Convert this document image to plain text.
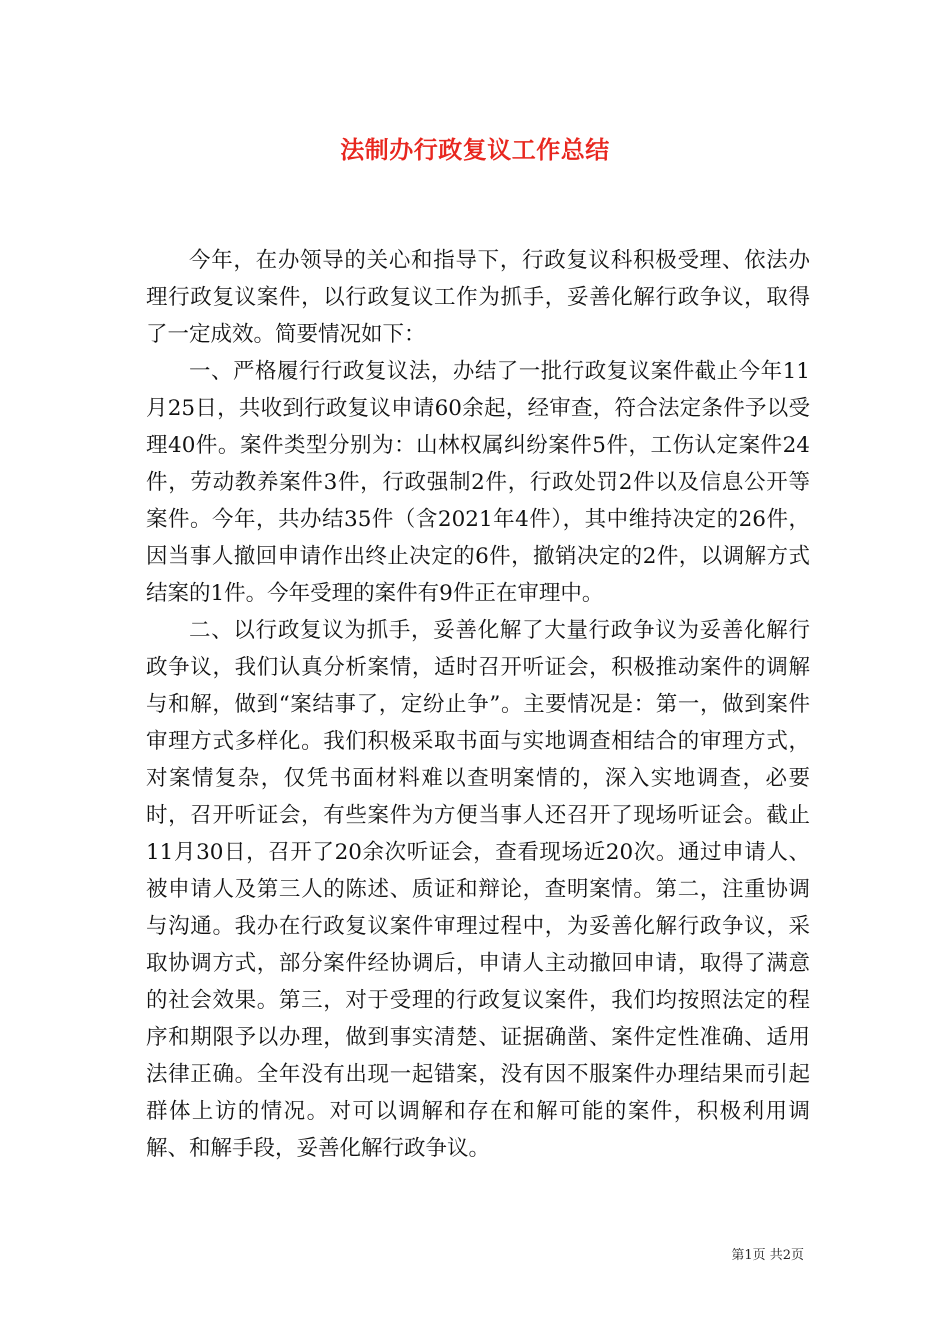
法制办行政复议工作总结

今年，在办领导的关心和指导下，行政复议科积极受理、依法办理行政复议案件，以行政复议工作为抓手，妥善化解行政争议，取得了一定成效。简要情况如下：

一、严格履行行政复议法，办结了一批行政复议案件截止今年11月25日，共收到行政复议申请60余起，经审查，符合法定条件予以受理40件。案件类型分别为：山林权属纠纷案件5件，工伤认定案件24件，劳动教养案件3件，行政强制2件，行政处罚2件以及信息公开等案件。今年，共办结35件（含2021年4件），其中维持决定的26件，因当事人撤回申请作出终止决定的6件，撤销决定的2件，以调解方式结案的1件。今年受理的案件有9件正在审理中。

二、以行政复议为抓手，妥善化解了大量行政争议为妥善化解行政争议，我们认真分析案情，适时召开听证会，积极推动案件的调解与和解，做到“案结事了，定纷止争”。主要情况是：第一，做到案件审理方式多样化。我们积极采取书面与实地调查相结合的审理方式，对案情复杂，仅凭书面材料难以查明案情的，深入实地调查，必要时，召开听证会，有些案件为方便当事人还召开了现场听证会。截止11月30日，召开了20余次听证会，查看现场近20次。通过申请人、被申请人及第三人的陈述、质证和辩论，查明案情。第二，注重协调与沟通。我办在行政复议案件审理过程中，为妥善化解行政争议，采取协调方式，部分案件经协调后，申请人主动撤回申请，取得了满意的社会效果。第三，对于受理的行政复议案件，我们均按照法定的程序和期限予以办理，做到事实清楚、证据确凿、案件定性准确、适用法律正确。全年没有出现一起错案，没有因不服案件办理结果而引起群体上访的情况。对可以调解和存在和解可能的案件，积极利用调解、和解手段，妥善化解行政争议。

第1页 共2页
